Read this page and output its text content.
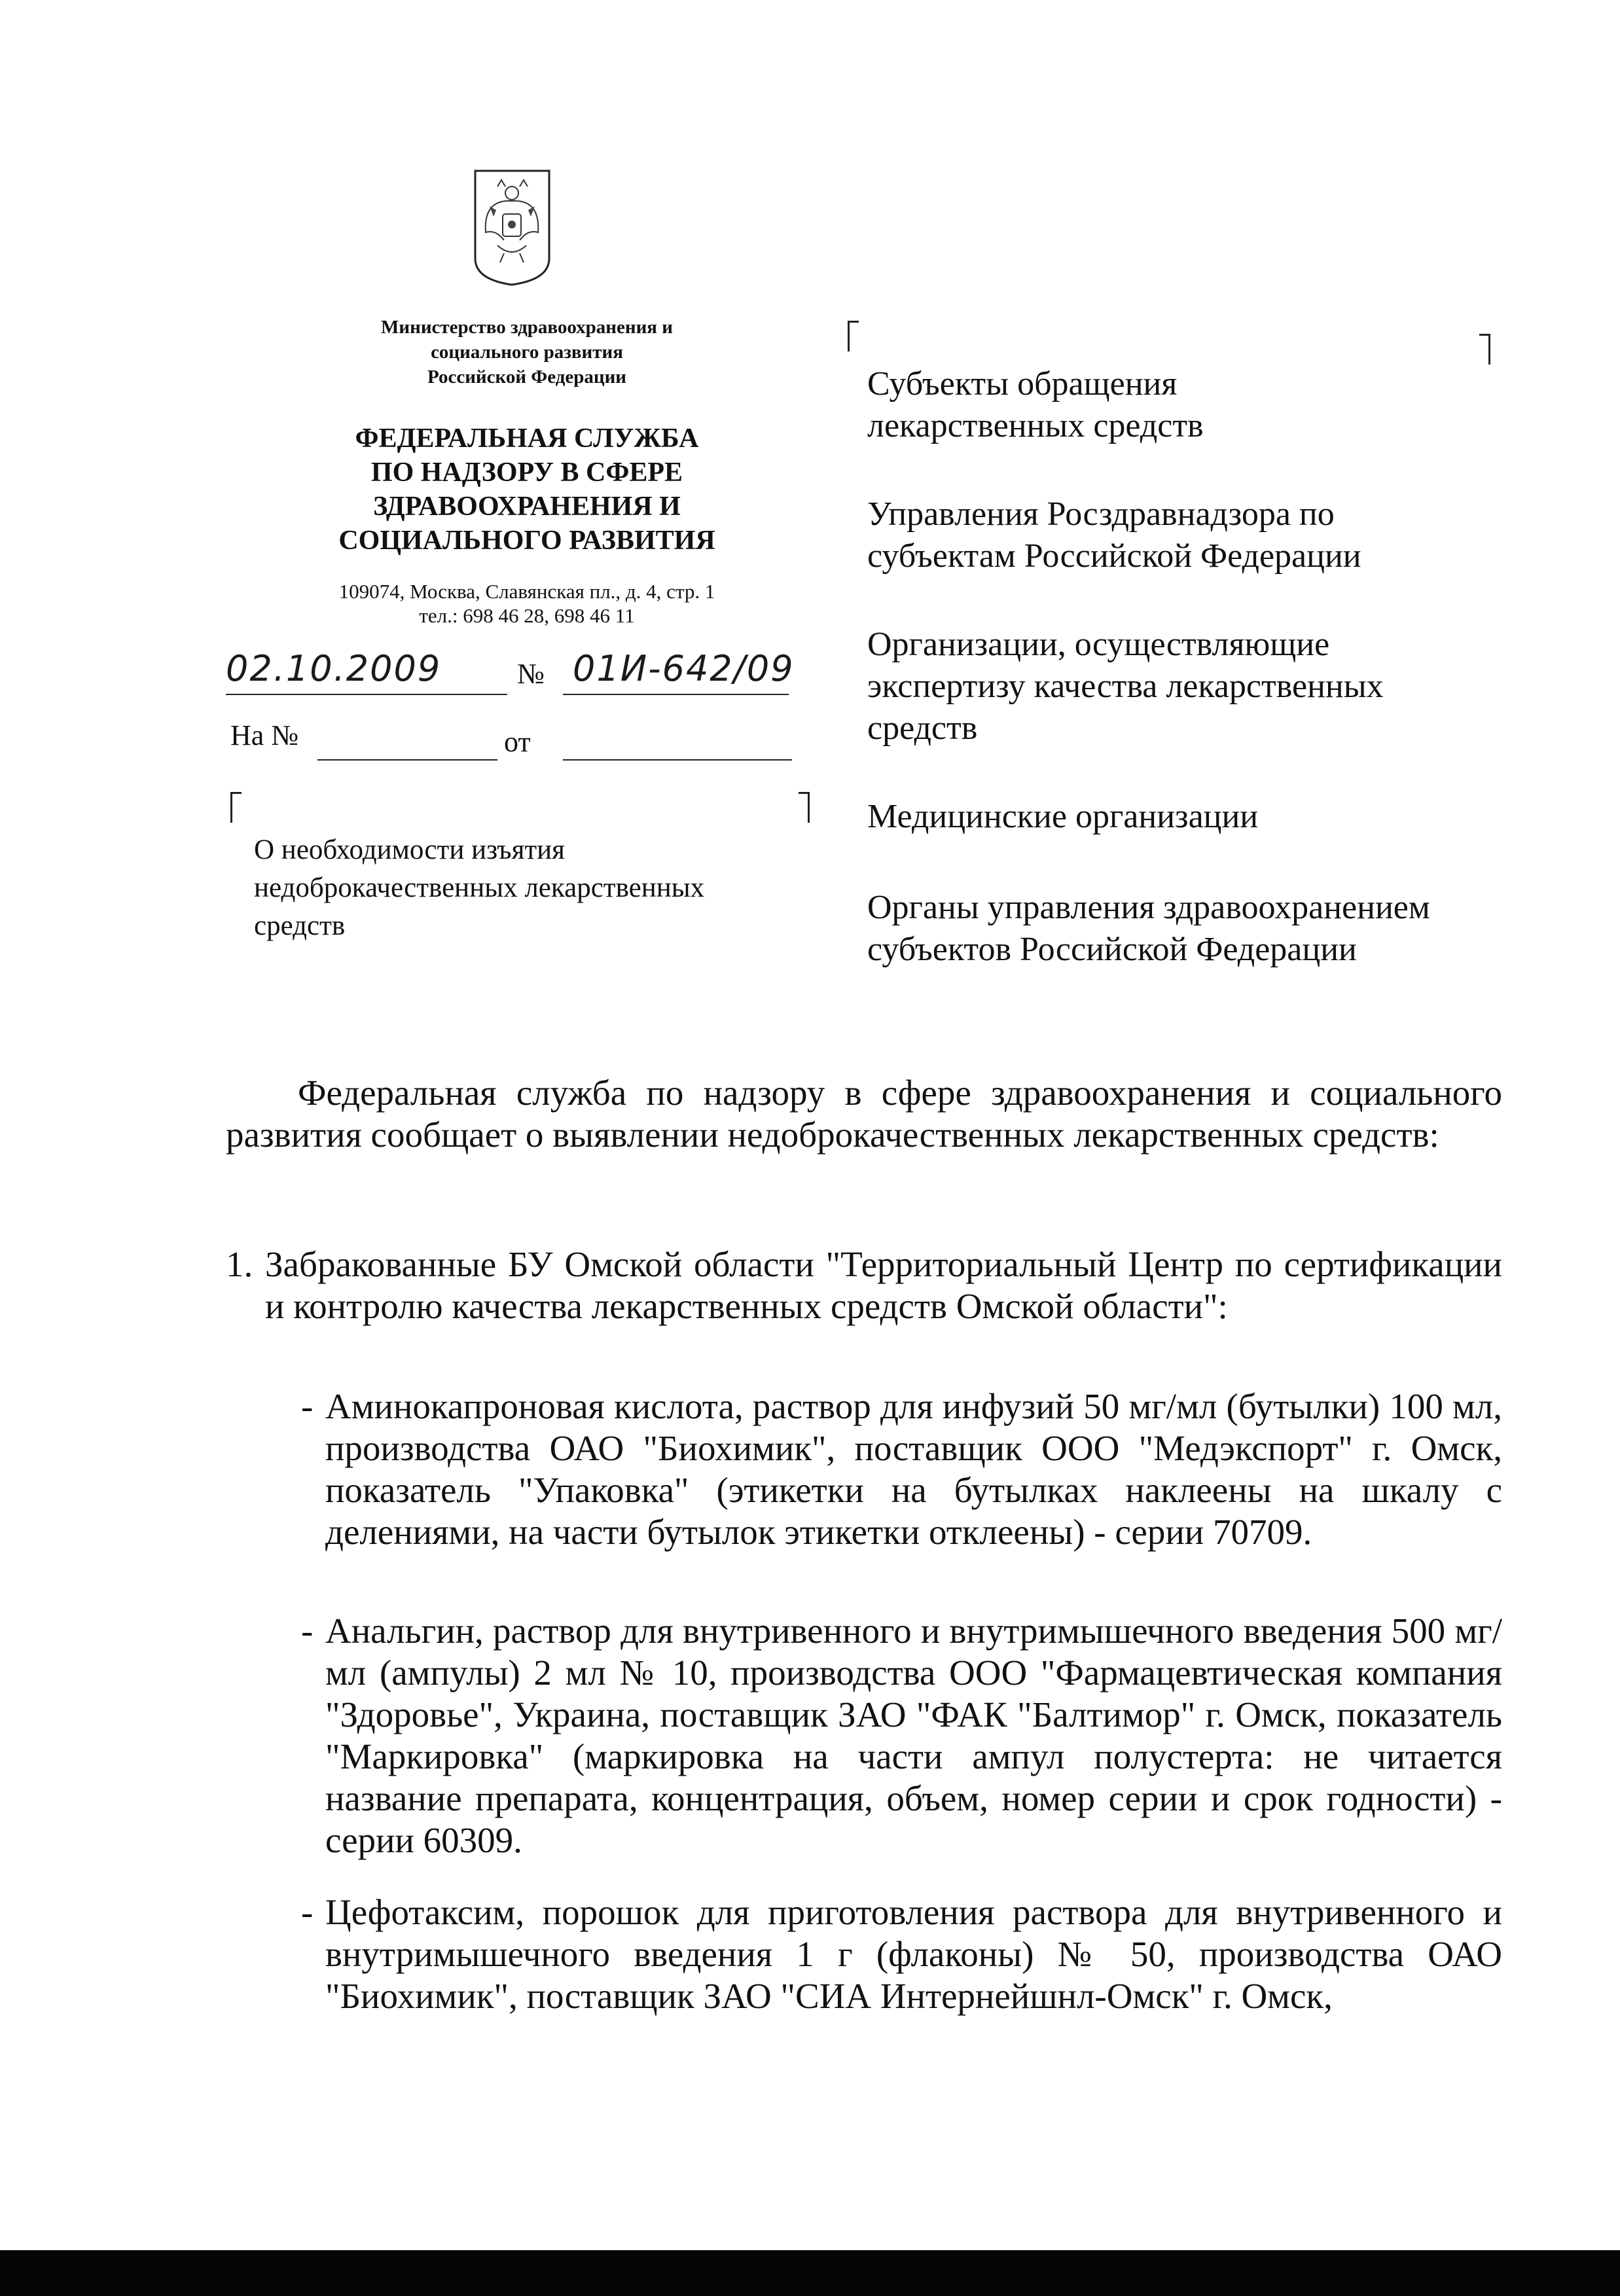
Министерство здравоохранения и
социального развития
Российской Федерации
ФЕДЕРАЛЬНАЯ СЛУЖБА
ПО НАДЗОРУ В СФЕРЕ
ЗДРАВООХРАНЕНИЯ И
СОЦИАЛЬНОГО РАЗВИТИЯ
109074, Москва, Славянская пл., д. 4, стр. 1
тел.: 698 46 28, 698 46 11
02.10.2009	№ 01И-642/09
На №	от
О необходимости изъятия
недоброкачественных лекарственных
средств
Субъекты обращения
лекарственных средств
Управления Росздравнадзора по
субъектам Российской Федерации
Организации, осуществляющие
экспертизу качества лекарственных
средств
Медицинские организации
Органы управления здравоохранением
субъектов Российской Федерации
Федеральная служба по надзору в сфере здравоохранения и социального развития сообщает о выявлении недоброкачественных лекарственных средств:
1. Забракованные БУ Омской области "Территориальный Центр по сертификации и контролю качества лекарственных средств Омской области":
- Аминокапроновая кислота, раствор для инфузий 50 мг/мл (бутылки) 100 мл, производства ОАО "Биохимик", поставщик ООО "Медэкспорт" г. Омск, показатель "Упаковка" (этикетки на бутылках наклеены на шкалу с делениями, на части бутылок этикетки отклеены) - серии 70709.
- Анальгин, раствор для внутривенного и внутримышечного введения 500 мг/мл (ампулы) 2 мл № 10, производства ООО "Фармацевтическая компания "Здоровье", Украина, поставщик ЗАО "ФАК "Балтимор" г. Омск, показатель "Маркировка" (маркировка на части ампул полустерта: не читается название препарата, концентрация, объем, номер серии и срок годности) - серии 60309.
- Цефотаксим, порошок для приготовления раствора для внутривенного и внутримышечного введения 1 г (флаконы) № 50, производства ОАО "Биохимик", поставщик ЗАО "СИА Интернейшнл-Омск" г. Омск,
